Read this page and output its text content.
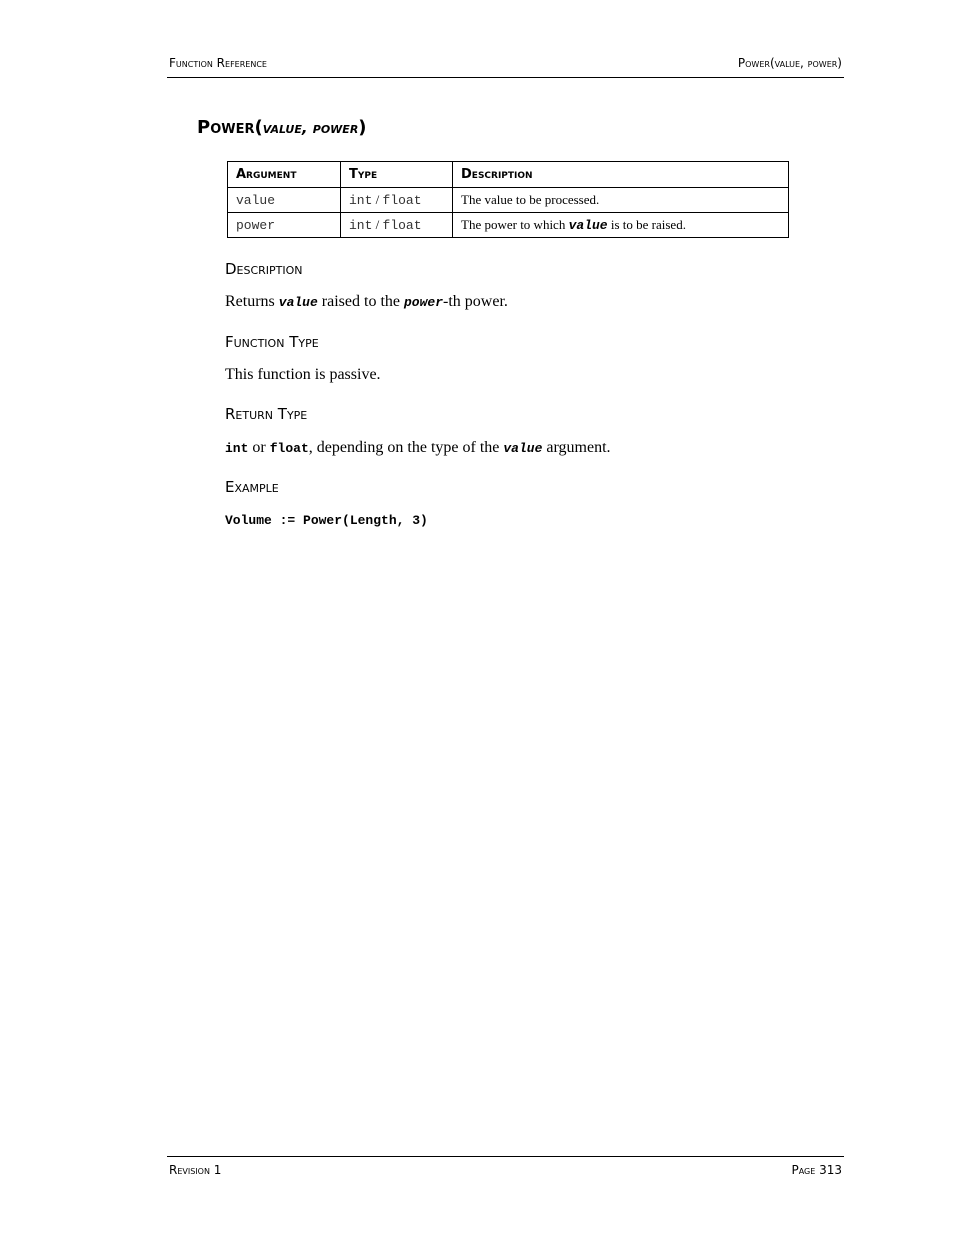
Function Reference	Power(value, power)
Power(value, power)
Argument	Type	Description
value	int / float	The value to be processed.
power	int / float	The power to which value is to be raised.
Description

Returns value raised to the power-th power.

Function Type

This function is passive.

Return Type

int or float, depending on the type of the value argument.

Example
Volume := Power(Length, 3)
Revision 1	Page 313
